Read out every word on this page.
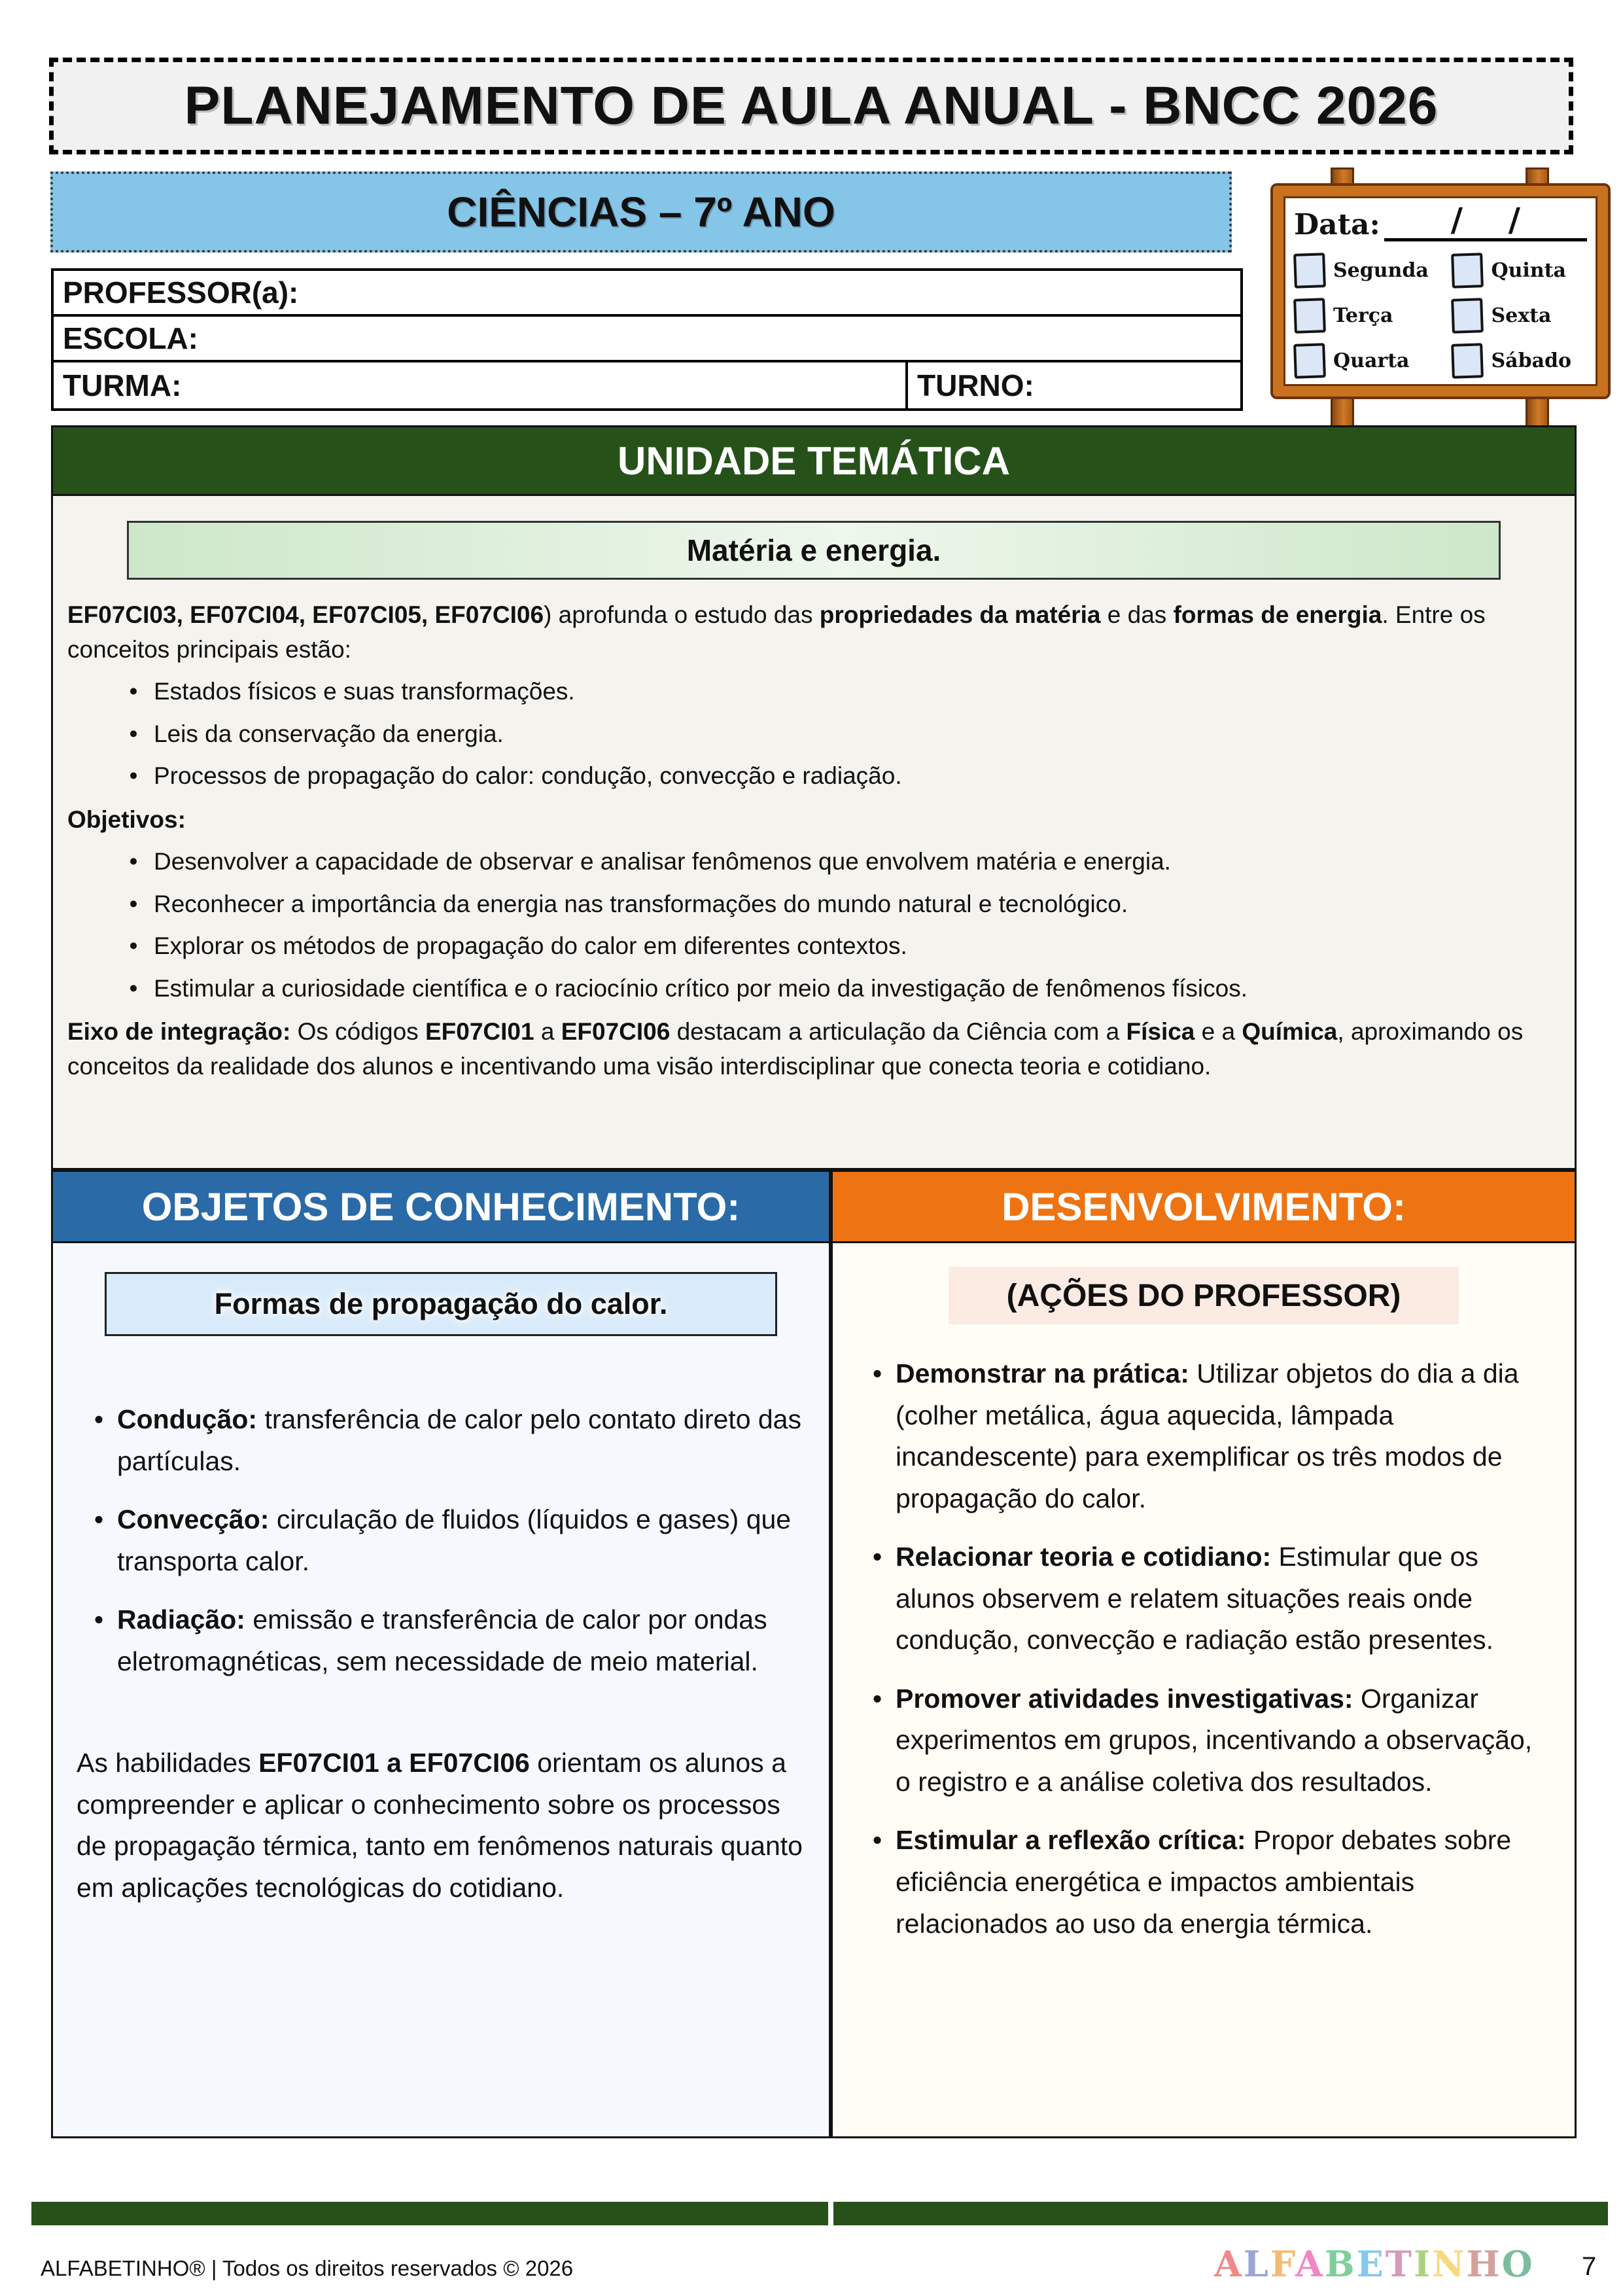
PLANEJAMENTO DE AULA ANUAL - BNCC 2026
CIÊNCIAS – 7º ANO	Data:	/    /
Segunda	Quinta
Terça	Sexta
Quarta	Sábado
PROFESSOR(a):
ESCOLA:
TURMA:	TURNO:
UNIDADE TEMÁTICA
Matéria e energia.

EF07CI03, EF07CI04, EF07CI05, EF07CI06) aprofunda o estudo das propriedades da matéria e das formas de energia. Entre os conceitos principais estão:

• Estados físicos e suas transformações.
• Leis da conservação da energia.
• Processos de propagação do calor: condução, convecção e radiação.

Objetivos:

• Desenvolver a capacidade de observar e analisar fenômenos que envolvem matéria e energia.
• Reconhecer a importância da energia nas transformações do mundo natural e tecnológico.
• Explorar os métodos de propagação do calor em diferentes contextos.
• Estimular a curiosidade científica e o raciocínio crítico por meio da investigação de fenômenos físicos.

Eixo de integração: Os códigos EF07CI01 a EF07CI06 destacam a articulação da Ciência com a Física e a Química, aproximando os conceitos da realidade dos alunos e incentivando uma visão interdisciplinar que conecta teoria e cotidiano.

OBJETOS DE CONHECIMENTO:	DESENVOLVIMENTO:
Formas de propagação do calor.
• Condução: transferência de calor pelo contato direto das partículas.
• Convecção: circulação de fluidos (líquidos e gases) que transporta calor.
• Radiação: emissão e transferência de calor por ondas eletromagnéticas, sem necessidade de meio material.

As habilidades EF07CI01 a EF07CI06 orientam os alunos a compreender e aplicar o conhecimento sobre os processos de propagação térmica, tanto em fenômenos naturais quanto em aplicações tecnológicas do cotidiano.

(AÇÕES DO PROFESSOR)
• Demonstrar na prática: Utilizar objetos do dia a dia (colher metálica, água aquecida, lâmpada incandescente) para exemplificar os três modos de propagação do calor.
• Relacionar teoria e cotidiano: Estimular que os alunos observem e relatem situações reais onde condução, convecção e radiação estão presentes.
• Promover atividades investigativas: Organizar experimentos em grupos, incentivando a observação, o registro e a análise coletiva dos resultados.
• Estimular a reflexão crítica: Propor debates sobre eficiência energética e impactos ambientais relacionados ao uso da energia térmica.
ALFABETINHO® | Todos os direitos reservados © 2026	ALFABETINHO 7
